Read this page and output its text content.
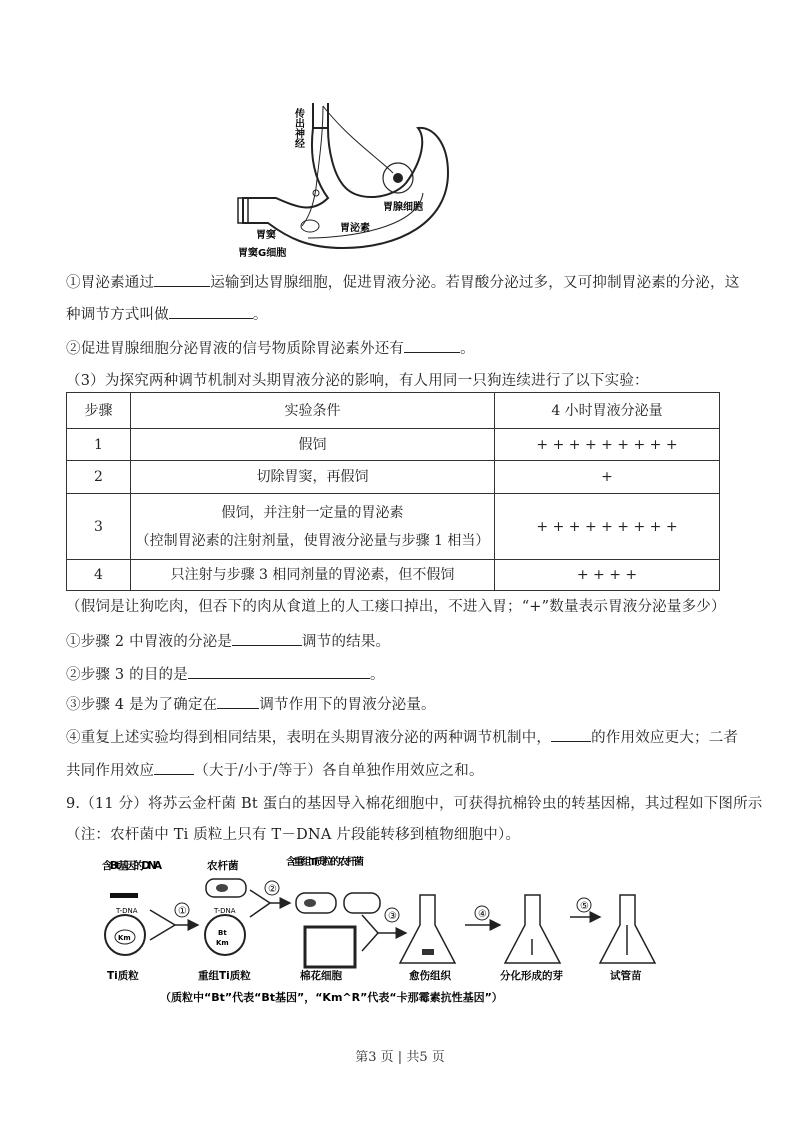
传出神经
胃腺细胞
胃窦
胃泌素
胃窦G细胞
①胃泌素通过	运输到达胃腺细胞，促进胃液分泌。若胃酸分泌过多，又可抑制胃泌素的分泌，这
种调节方式叫做	。
②促进胃腺细胞分泌胃液的信号物质除胃泌素外还有	。
（3）为探究两种调节机制对头期胃液分泌的影响，有人用同一只狗连续进行了以下实验：
步骤	实验条件	4 小时胃液分泌量
1	假饲	+ + + + + + + + +
2	切除胃窦，再假饲	+
3	假饲，并注射一定量的胃泌素
（控制胃泌素的注射剂量，使胃液分泌量与步骤 1 相当）	+ + + + + + + + +
4	只注射与步骤 3 相同剂量的胃泌素，但不假饲	+ + + +
（假饲是让狗吃肉，但吞下的肉从食道上的人工瘘口掉出，不进入胃；“+”数量表示胃液分泌量多少）
①步骤 2 中胃液的分泌是	调节的结果。
②步骤 3 的目的是	。
③步骤 4 是为了确定在	调节作用下的胃液分泌量。
④重复上述实验均得到相同结果，表明在头期胃液分泌的两种调节机制中，	的作用效应更大；二者
共同作用效应	（大于/小于/等于）各自单独作用效应之和。
9.（11 分）将苏云金杆菌 Bt 蛋白的基因导入棉花细胞中，可获得抗棉铃虫的转基因棉，其过程如下图所示
（注：农杆菌中 Ti 质粒上只有 T－DNA 片段能转移到植物细胞中）。
含Bt基因的DNA
T-DNA
Km
Ti质粒
①	T-DNA
Bt
Km
重组Ti质粒
农杆菌
②
含重组Ti质粒的农杆菌
棉花细胞
③
愈伤组织
④
分化形成的芽
⑤
试管苗
（质粒中“Bt”代表“Bt基因”，“Km^R”代表“卡那霉素抗性基因”）
第3 页 | 共5 页
